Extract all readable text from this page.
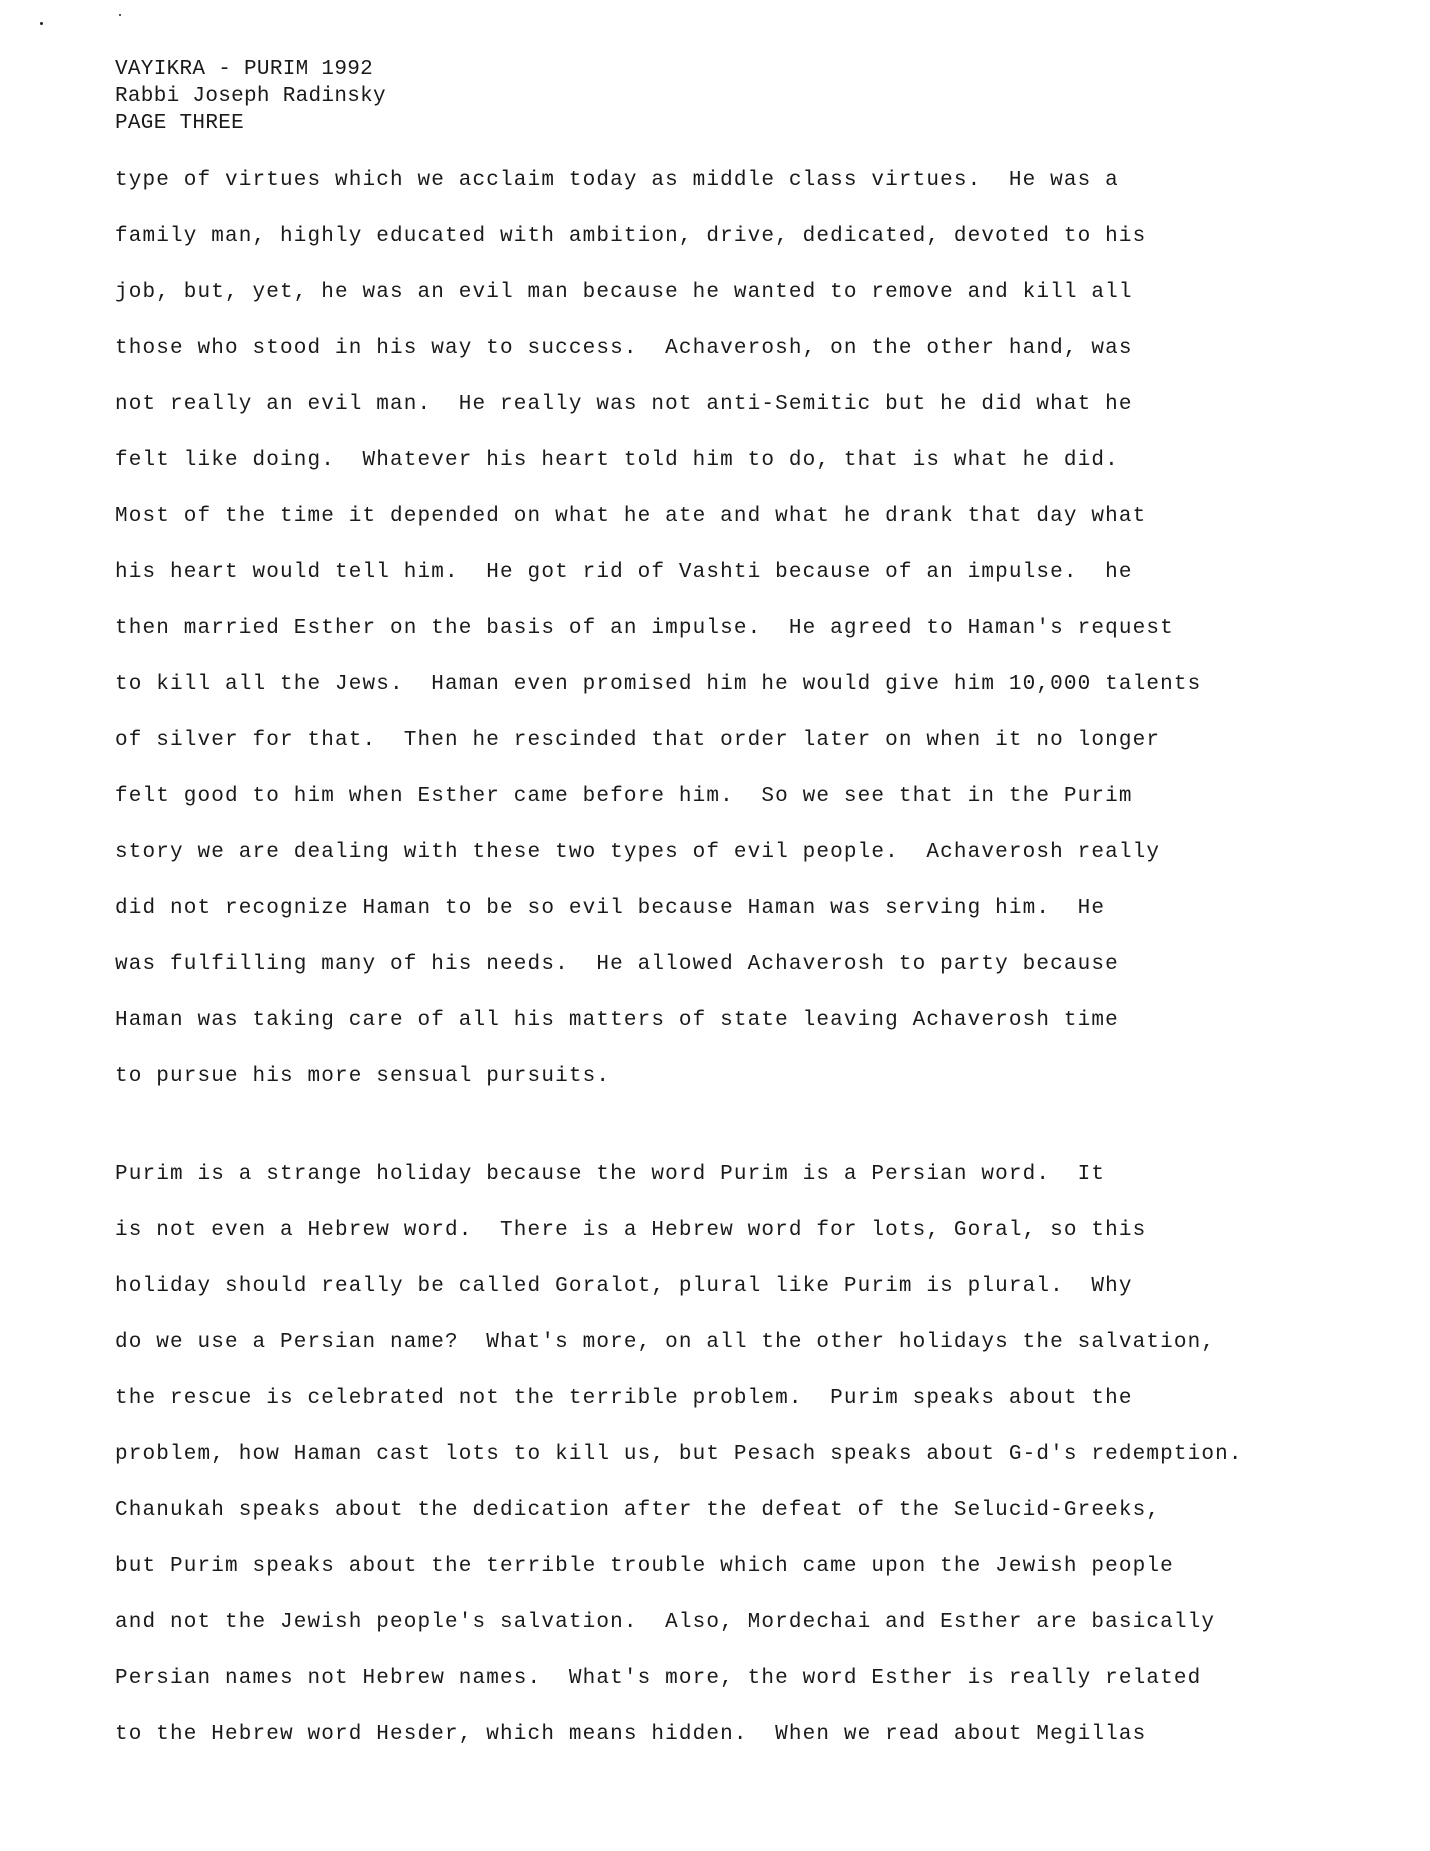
VAYIKRA - PURIM 1992
Rabbi Joseph Radinsky
PAGE THREE
type of virtues which we acclaim today as middle class virtues.  He was a
family man, highly educated with ambition, drive, dedicated, devoted to his
job, but, yet, he was an evil man because he wanted to remove and kill all
those who stood in his way to success.  Achaverosh, on the other hand, was
not really an evil man.  He really was not anti-Semitic but he did what he
felt like doing.  Whatever his heart told him to do, that is what he did.
Most of the time it depended on what he ate and what he drank that day what
his heart would tell him.  He got rid of Vashti because of an impulse.  he
then married Esther on the basis of an impulse.  He agreed to Haman's request
to kill all the Jews.  Haman even promised him he would give him 10,000 talents
of silver for that.  Then he rescinded that order later on when it no longer
felt good to him when Esther came before him.  So we see that in the Purim
story we are dealing with these two types of evil people.  Achaverosh really
did not recognize Haman to be so evil because Haman was serving him.  He
was fulfilling many of his needs.  He allowed Achaverosh to party because
Haman was taking care of all his matters of state leaving Achaverosh time
to pursue his more sensual pursuits.
Purim is a strange holiday because the word Purim is a Persian word.  It
is not even a Hebrew word.  There is a Hebrew word for lots, Goral, so this
holiday should really be called Goralot, plural like Purim is plural.  Why
do we use a Persian name?  What's more, on all the other holidays the salvation,
the rescue is celebrated not the terrible problem.  Purim speaks about the
problem, how Haman cast lots to kill us, but Pesach speaks about G-d's redemption.
Chanukah speaks about the dedication after the defeat of the Selucid-Greeks,
but Purim speaks about the terrible trouble which came upon the Jewish people
and not the Jewish people's salvation.  Also, Mordechai and Esther are basically
Persian names not Hebrew names.  What's more, the word Esther is really related
to the Hebrew word Hesder, which means hidden.  When we read about Megillas
